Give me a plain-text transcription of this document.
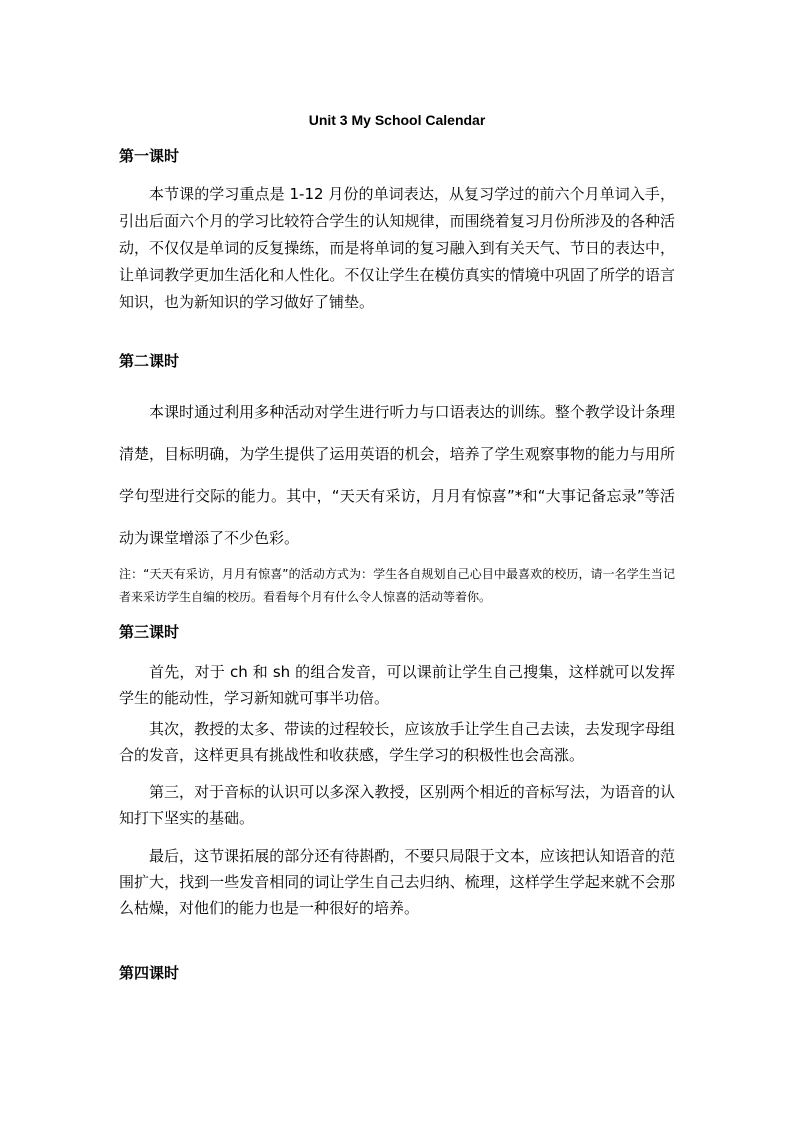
Unit 3 My School Calendar
第一课时

本节课的学习重点是 1-12 月份的单词表达，从复习学过的前六个月单词入手，引出后面六个月的学习比较符合学生的认知规律，而围绕着复习月份所涉及的各种活动，不仅仅是单词的反复操练，而是将单词的复习融入到有关天气、节日的表达中，让单词教学更加生活化和人性化。不仅让学生在模仿真实的情境中巩固了所学的语言知识，也为新知识的学习做好了铺垫。

第二课时

本课时通过利用多种活动对学生进行听力与口语表达的训练。整个教学设计条理清楚，目标明确，为学生提供了运用英语的机会，培养了学生观察事物的能力与用所学句型进行交际的能力。其中，“天天有采访，月月有惊喜”*和“大事记备忘录”等活动为课堂增添了不少色彩。

注：“天天有采访，月月有惊喜”的活动方式为：学生各自规划自己心目中最喜欢的校历，请一名学生当记者来采访学生自编的校历。看看每个月有什么令人惊喜的活动等着你。

第三课时

首先，对于 ch 和 sh 的组合发音，可以课前让学生自己搜集，这样就可以发挥学生的能动性，学习新知就可事半功倍。

其次，教授的太多、带读的过程较长，应该放手让学生自己去读，去发现字母组合的发音，这样更具有挑战性和收获感，学生学习的积极性也会高涨。

第三，对于音标的认识可以多深入教授，区别两个相近的音标写法，为语音的认知打下坚实的基础。

最后，这节课拓展的部分还有待斟酌，不要只局限于文本，应该把认知语音的范围扩大，找到一些发音相同的词让学生自己去归纳、梳理，这样学生学起来就不会那么枯燥，对他们的能力也是一种很好的培养。

第四课时
